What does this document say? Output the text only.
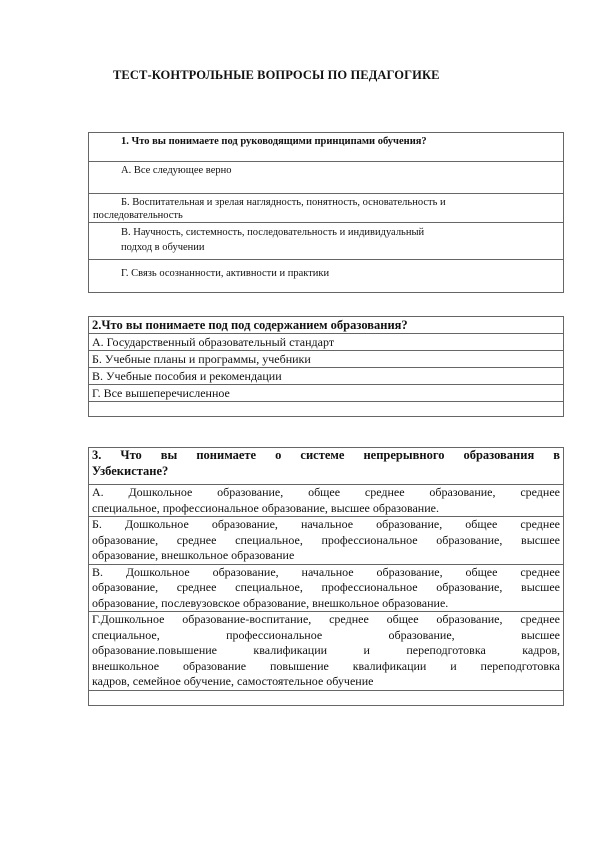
ТЕСТ-КОНТРОЛЬНЫЕ ВОПРОСЫ ПО ПЕДАГОГИКЕ
1. Что вы понимаете под руководящими принципами обучения?
А. Все следующее верно
Б. Воспитательная и зрелая наглядность, понятность, основательность и
последовательность
В. Научность, системность, последовательность и индивидуальный
подход в обучении
Г. Связь осознанности, активности и практики
2.Что вы понимаете под под содержанием образования?
А. Государственный образовательный стандарт
Б. Учебные планы и программы, учебники
В. Учебные пособия и рекомендации
Г. Все вышеперечисленное

3. Что вы понимаете о системе непрерывного образования в
Узбекистане?

А. Дошкольное образование, общее среднее образование, среднее
специальное, профессиональное образование, высшее образование.

Б. Дошкольное образование, начальное образование, общее среднее
образование, среднее специальное, профессиональное образование, высшее
образование, внешкольное образование

В. Дошкольное образование, начальное образование, общее среднее
образование, среднее специальное, профессиональное образование, высшее
образование, послевузовское образование, внешкольное образование.

Г.Дошкольное образование-воспитание, среднее общее образование, среднее
специальное, профессиональное образование, высшее
образование.повышение квалификации и переподготовка кадров,
внешкольное образование повышение квалификации и переподготовка
кадров, семейное обучение, самостоятельное обучение
